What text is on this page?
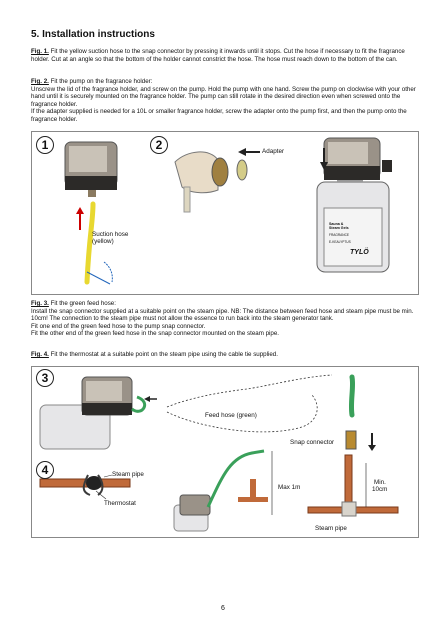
5. Installation instructions

Fig. 1. Fit the yellow suction hose to the snap connector by pressing it inwards until it stops. Cut the hose if necessary to fit the fragrance holder. Cut at an angle so that the bottom of the holder cannot constrict the hose. The hose must reach down to the bottom of the can.

Fig. 2. Fit the pump on the fragrance holder:

Unscrew the lid of the fragrance holder, and screw on the pump. Hold the pump with one hand. Screw the pump on clockwise with your other hand until it is securely mounted on the fragrance holder. The pump can still rotate in the desired direction even when screwed onto the fragrance holder.

If the adapter supplied is needed for a 10L or smaller fragrance holder, screw the adapter onto the pump first, and then the pump onto the fragrance holder.

1	2	Adapter
Suction hose
(yellow)
Sauna &
Steam Gels
FRAGRANCE
E-KEALYPTUS
TYLÖ

Fig. 3. Fit the green feed hose:

Install the snap connector supplied at a suitable point on the steam pipe. NB: The distance between feed hose and steam pipe must be min. 10cm! The connection to the steam pipe must not allow the essence to run back into the steam generator tank.

Fit one end of the green feed hose to the pump snap connector.

Fit the other end of the green feed hose in the snap connector mounted on the steam pipe.

Fig. 4. Fit the thermostat at a suitable point on the steam pipe using the cable tie supplied.

3
4
Feed hose (green)
Snap connector
Steam pipe
Thermostat
Max 1m
Min.
10cm
Steam pipe
6
